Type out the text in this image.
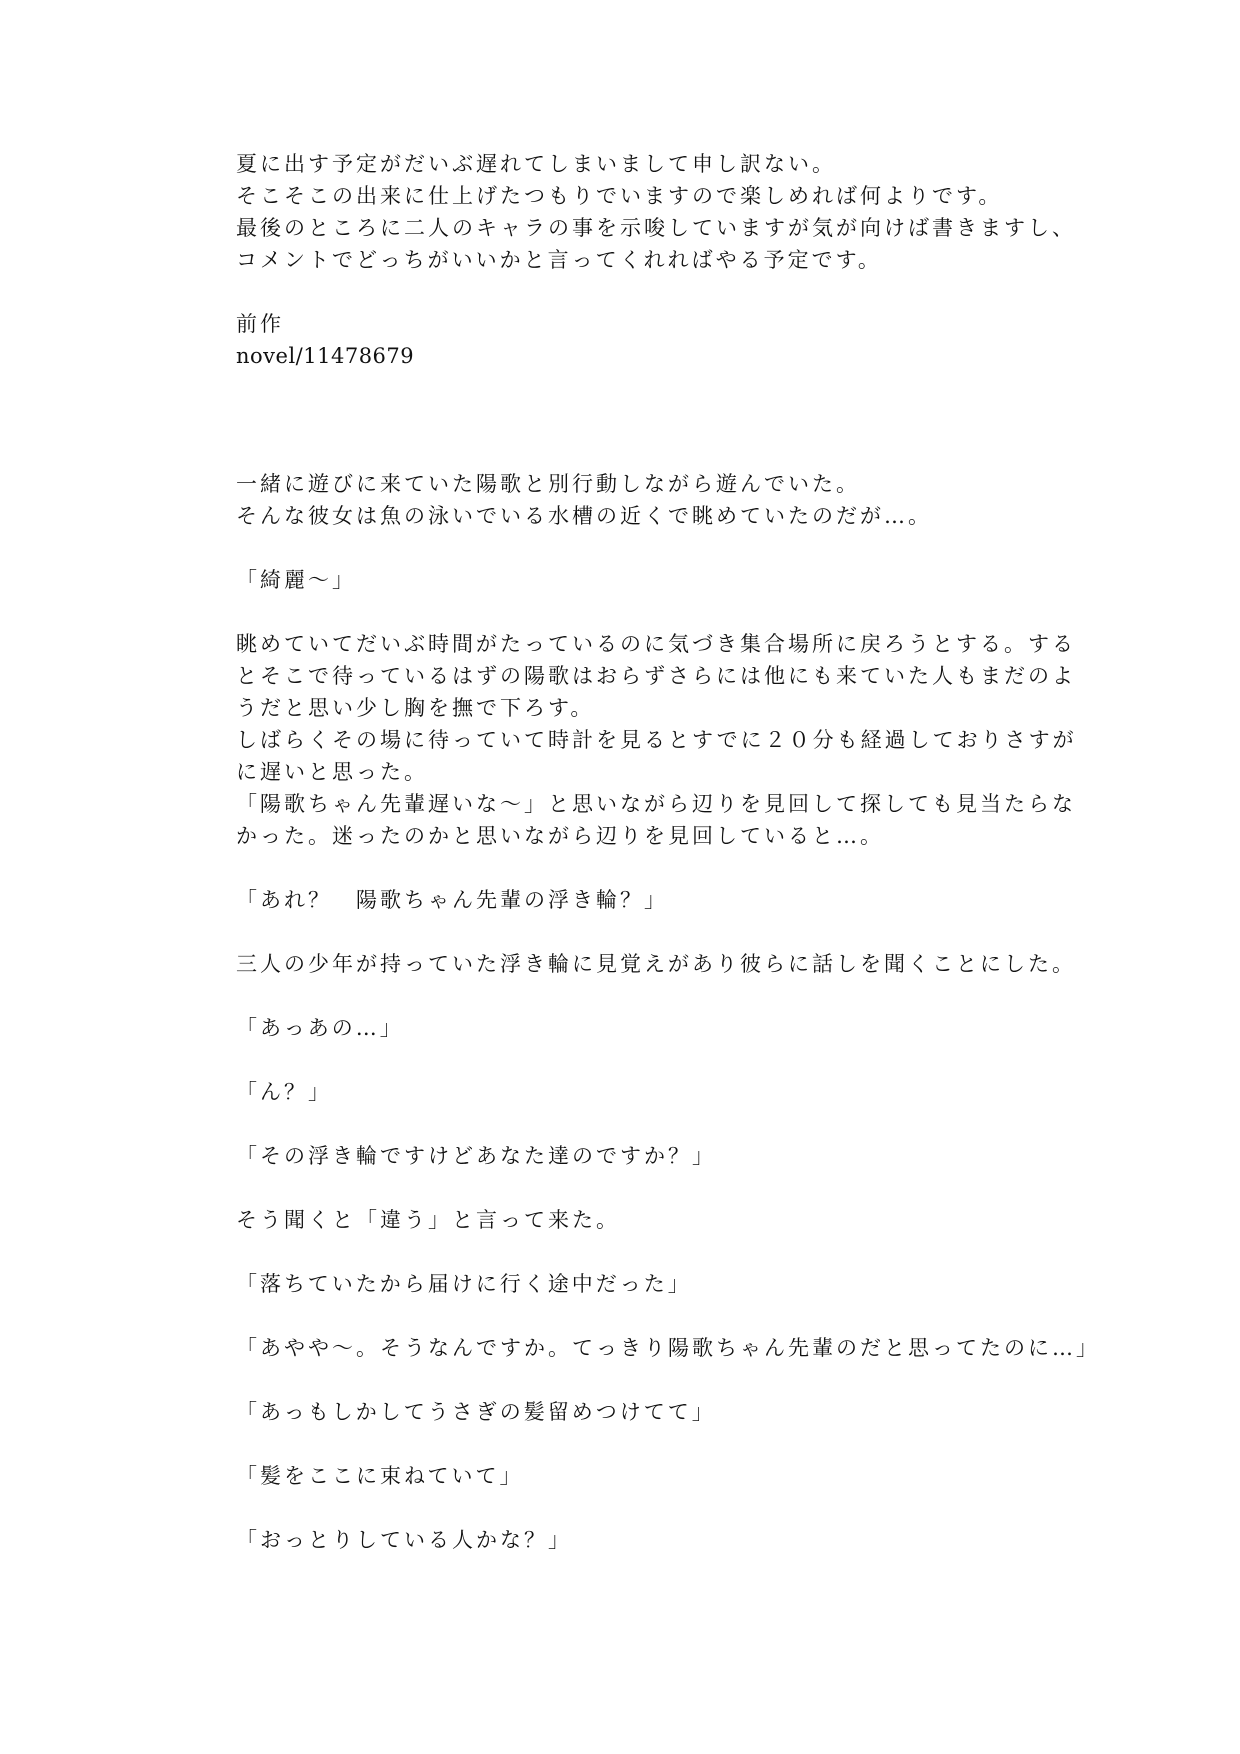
夏に出す予定がだいぶ遅れてしまいまして申し訳ない。
そこそこの出来に仕上げたつもりでいますので楽しめれば何よりです。
最後のところに二人のキャラの事を示唆していますが気が向けば書きますし、
コメントでどっちがいいかと言ってくれればやる予定です。
前作
novel/11478679
一緒に遊びに来ていた陽歌と別行動しながら遊んでいた。
そんな彼女は魚の泳いでいる水槽の近くで眺めていたのだが…。
「綺麗〜」
眺めていてだいぶ時間がたっているのに気づき集合場所に戻ろうとする。する
とそこで待っているはずの陽歌はおらずさらには他にも来ていた人もまだのよ
うだと思い少し胸を撫で下ろす。
しばらくその場に待っていて時計を見るとすでに２０分も経過しておりさすが
に遅いと思った。
「陽歌ちゃん先輩遅いな〜」と思いながら辺りを見回して探しても見当たらな
かった。迷ったのかと思いながら辺りを見回していると…。
「あれ？　陽歌ちゃん先輩の浮き輪？」
三人の少年が持っていた浮き輪に見覚えがあり彼らに話しを聞くことにした。
「あっあの…」
「ん？」
「その浮き輪ですけどあなた達のですか？」
そう聞くと「違う」と言って来た。
「落ちていたから届けに行く途中だった」
「あやや〜。そうなんですか。てっきり陽歌ちゃん先輩のだと思ってたのに…」
「あっもしかしてうさぎの髪留めつけてて」
「髪をここに束ねていて」
「おっとりしている人かな？」
